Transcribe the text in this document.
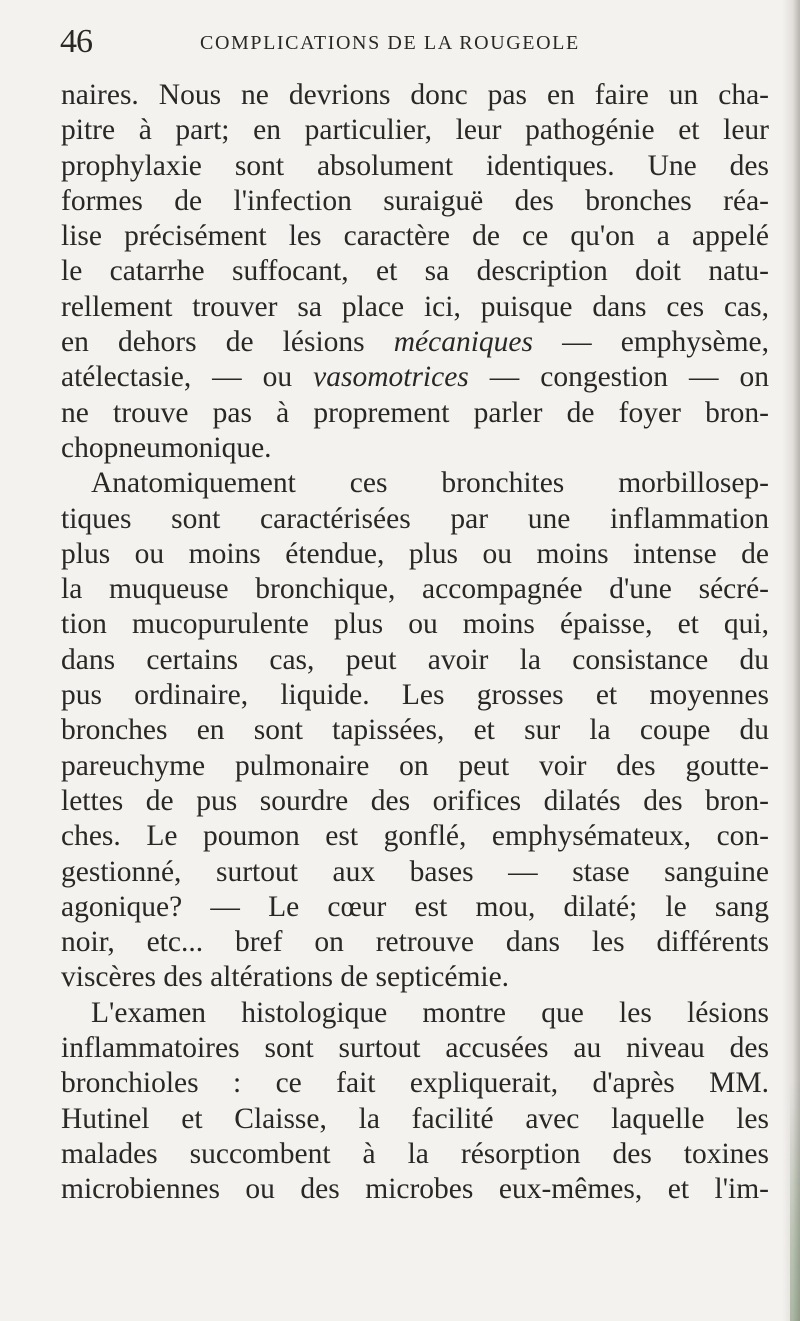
46	COMPLICATIONS DE LA ROUGEOLE
naires. Nous ne devrions donc pas en faire un cha-
pitre à part; en particulier, leur pathogénie et leur
prophylaxie sont absolument identiques. Une des
formes de l'infection suraiguë des bronches réa-
lise précisément les caractère de ce qu'on a appelé
le catarrhe suffocant, et sa description doit natu-
rellement trouver sa place ici, puisque dans ces cas,
en dehors de lésions mécaniques — emphysème,
atélectasie, — ou vasomotrices — congestion — on
ne trouve pas à proprement parler de foyer bron-
chopneumonique.
Anatomiquement ces bronchites morbillosep-
tiques sont caractérisées par une inflammation
plus ou moins étendue, plus ou moins intense de
la muqueuse bronchique, accompagnée d'une sécré-
tion mucopurulente plus ou moins épaisse, et qui,
dans certains cas, peut avoir la consistance du
pus ordinaire, liquide. Les grosses et moyennes
bronches en sont tapissées, et sur la coupe du
pareuchyme pulmonaire on peut voir des goutte-
lettes de pus sourdre des orifices dilatés des bron-
ches. Le poumon est gonflé, emphysémateux, con-
gestionné, surtout aux bases — stase sanguine
agonique? — Le cœur est mou, dilaté; le sang
noir, etc... bref on retrouve dans les différents
viscères des altérations de septicémie.
L'examen histologique montre que les lésions
inflammatoires sont surtout accusées au niveau des
bronchioles : ce fait expliquerait, d'après MM.
Hutinel et Claisse, la facilité avec laquelle les
malades succombent à la résorption des toxines
microbiennes ou des microbes eux-mêmes, et l'im-
